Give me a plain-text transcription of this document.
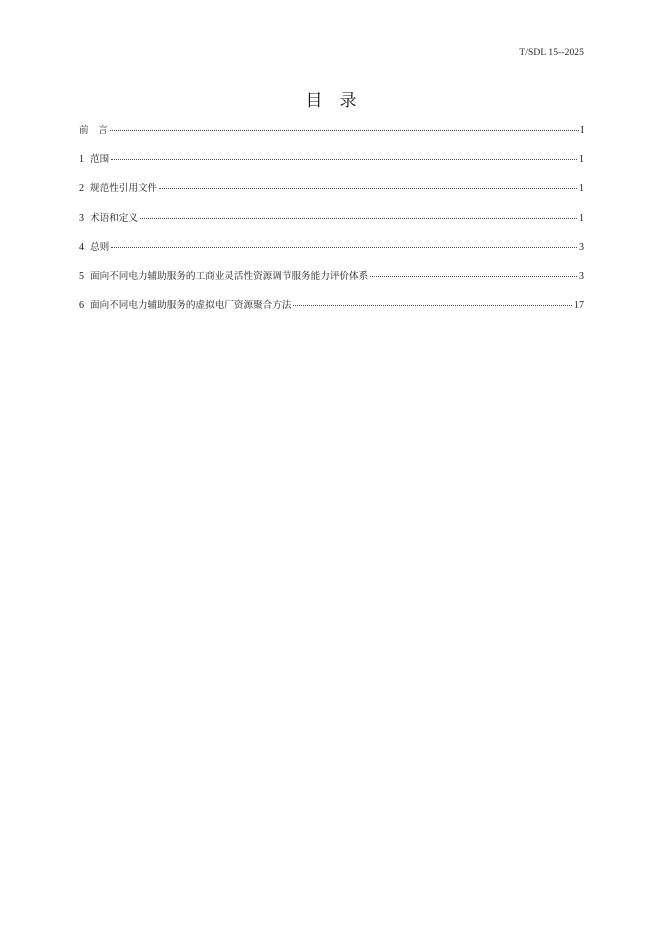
T/SDL 15--2025
目　录
前　言	I
1 范围	1
2 规范性引用文件	1
3 术语和定义	1
4 总则	3
5 面向不同电力辅助服务的工商业灵活性资源调节服务能力评价体系	3
6 面向不同电力辅助服务的虚拟电厂资源聚合方法	17
